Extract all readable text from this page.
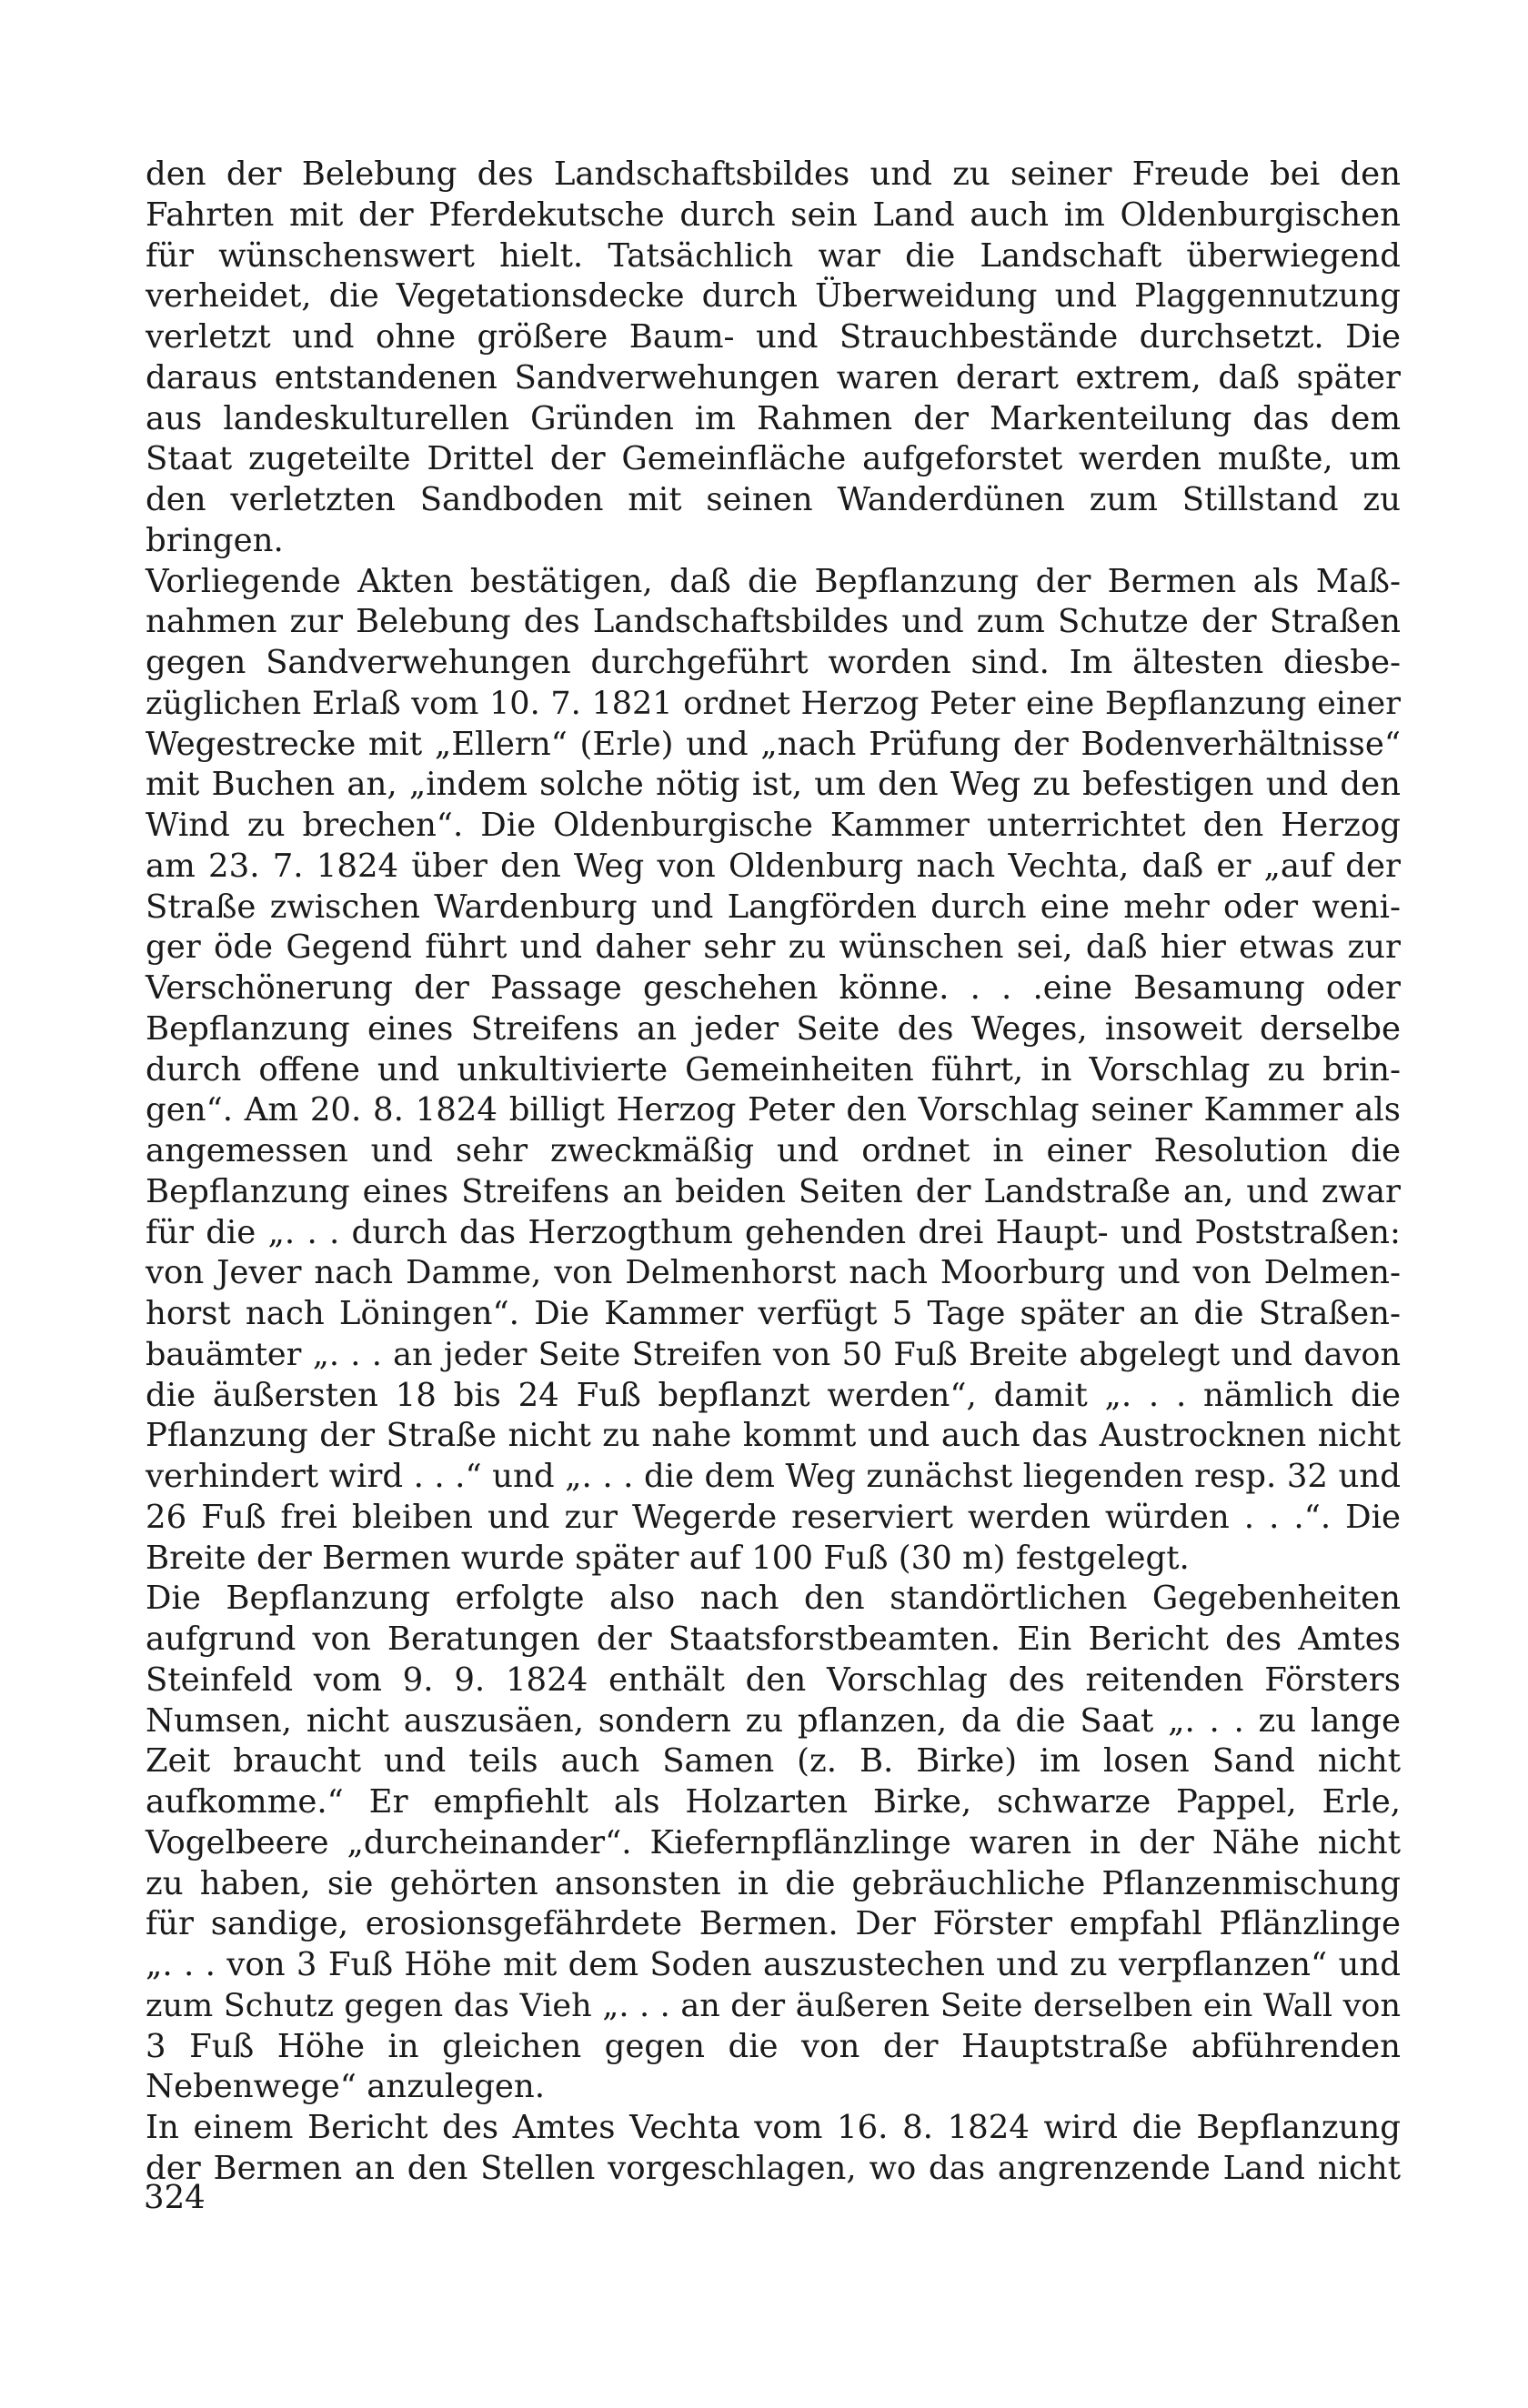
den der Belebung des Landschaftsbildes und zu seiner Freude bei den
Fahrten mit der Pferdekutsche durch sein Land auch im Oldenburgischen
für wünschenswert hielt. Tatsächlich war die Landschaft überwiegend
verheidet, die Vegetationsdecke durch Überweidung und Plaggennutzung
verletzt und ohne größere Baum- und Strauchbestände durchsetzt. Die
daraus entstandenen Sandverwehungen waren derart extrem, daß später
aus landeskulturellen Gründen im Rahmen der Markenteilung das dem
Staat zugeteilte Drittel der Gemeinfläche aufgeforstet werden mußte, um
den verletzten Sandboden mit seinen Wanderdünen zum Stillstand zu
bringen.
Vorliegende Akten bestätigen, daß die Bepflanzung der Bermen als Maß-
nahmen zur Belebung des Landschaftsbildes und zum Schutze der Straßen
gegen Sandverwehungen durchgeführt worden sind. Im ältesten diesbe-
züglichen Erlaß vom 10. 7. 1821 ordnet Herzog Peter eine Bepflanzung einer
Wegestrecke mit „Ellern“ (Erle) und „nach Prüfung der Bodenverhältnisse“
mit Buchen an, „indem solche nötig ist, um den Weg zu befestigen und den
Wind zu brechen“. Die Oldenburgische Kammer unterrichtet den Herzog
am 23. 7. 1824 über den Weg von Oldenburg nach Vechta, daß er „auf der
Straße zwischen Wardenburg und Langförden durch eine mehr oder weni-
ger öde Gegend führt und daher sehr zu wünschen sei, daß hier etwas zur
Verschönerung der Passage geschehen könne. . . .eine Besamung oder
Bepflanzung eines Streifens an jeder Seite des Weges, insoweit derselbe
durch offene und unkultivierte Gemeinheiten führt, in Vorschlag zu brin-
gen“. Am 20. 8. 1824 billigt Herzog Peter den Vorschlag seiner Kammer als
angemessen und sehr zweckmäßig und ordnet in einer Resolution die
Bepflanzung eines Streifens an beiden Seiten der Landstraße an, und zwar
für die „. . . durch das Herzogthum gehenden drei Haupt- und Poststraßen:
von Jever nach Damme, von Delmenhorst nach Moorburg und von Delmen-
horst nach Löningen“. Die Kammer verfügt 5 Tage später an die Straßen-
bauämter „. . . an jeder Seite Streifen von 50 Fuß Breite abgelegt und davon
die äußersten 18 bis 24 Fuß bepflanzt werden“, damit „. . . nämlich die
Pflanzung der Straße nicht zu nahe kommt und auch das Austrocknen nicht
verhindert wird . . .“ und „. . . die dem Weg zunächst liegenden resp. 32 und
26 Fuß frei bleiben und zur Wegerde reserviert werden würden . . .“. Die
Breite der Bermen wurde später auf 100 Fuß (30 m) festgelegt.
Die Bepflanzung erfolgte also nach den standörtlichen Gegebenheiten
aufgrund von Beratungen der Staatsforstbeamten. Ein Bericht des Amtes
Steinfeld vom 9. 9. 1824 enthält den Vorschlag des reitenden Försters
Numsen, nicht auszusäen, sondern zu pflanzen, da die Saat „. . . zu lange
Zeit braucht und teils auch Samen (z. B. Birke) im losen Sand nicht
aufkomme.“ Er empfiehlt als Holzarten Birke, schwarze Pappel, Erle,
Vogelbeere „durcheinander“. Kiefernpflänzlinge waren in der Nähe nicht
zu haben, sie gehörten ansonsten in die gebräuchliche Pflanzenmischung
für sandige, erosionsgefährdete Bermen. Der Förster empfahl Pflänzlinge
„. . . von 3 Fuß Höhe mit dem Soden auszustechen und zu verpflanzen“ und
zum Schutz gegen das Vieh „. . . an der äußeren Seite derselben ein Wall von
3 Fuß Höhe in gleichen gegen die von der Hauptstraße abführenden
Nebenwege“ anzulegen.
In einem Bericht des Amtes Vechta vom 16. 8. 1824 wird die Bepflanzung
der Bermen an den Stellen vorgeschlagen, wo das angrenzende Land nicht
324
